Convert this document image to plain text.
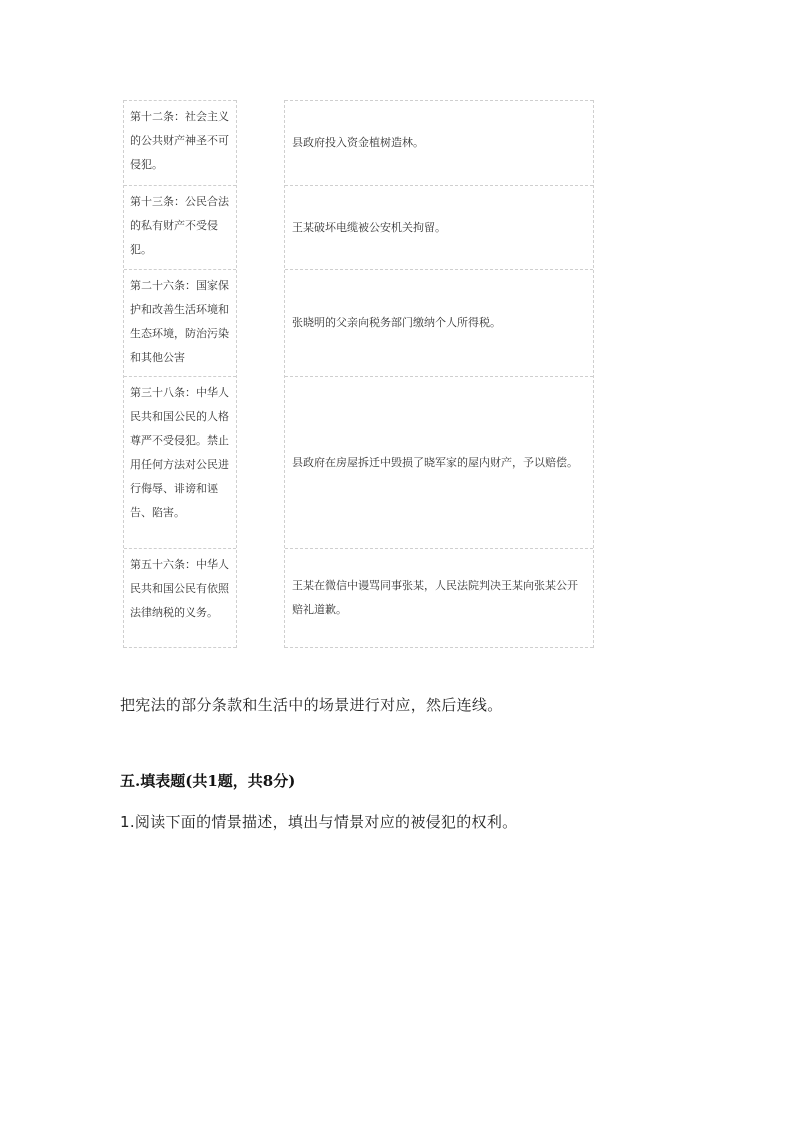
第十二条：社会主义的公共财产神圣不可侵犯。
第十三条：公民合法的私有财产不受侵犯。
第二十六条：国家保护和改善生活环境和生态环境，防治污染和其他公害
第三十八条：中华人民共和国公民的人格尊严不受侵犯。禁止用任何方法对公民进行侮辱、诽谤和诬告、陷害。
第五十六条：中华人民共和国公民有依照法律纳税的义务。
县政府投入资金植树造林。
王某破坏电缆被公安机关拘留。
张晓明的父亲向税务部门缴纳个人所得税。
县政府在房屋拆迁中毁损了晓军家的屋内财产，予以赔偿。
王某在微信中谩骂同事张某，人民法院判决王某向张某公开赔礼道歉。
把宪法的部分条款和生活中的场景进行对应，然后连线。
五.填表题(共1题，共8分)
1.阅读下面的情景描述，填出与情景对应的被侵犯的权利。
